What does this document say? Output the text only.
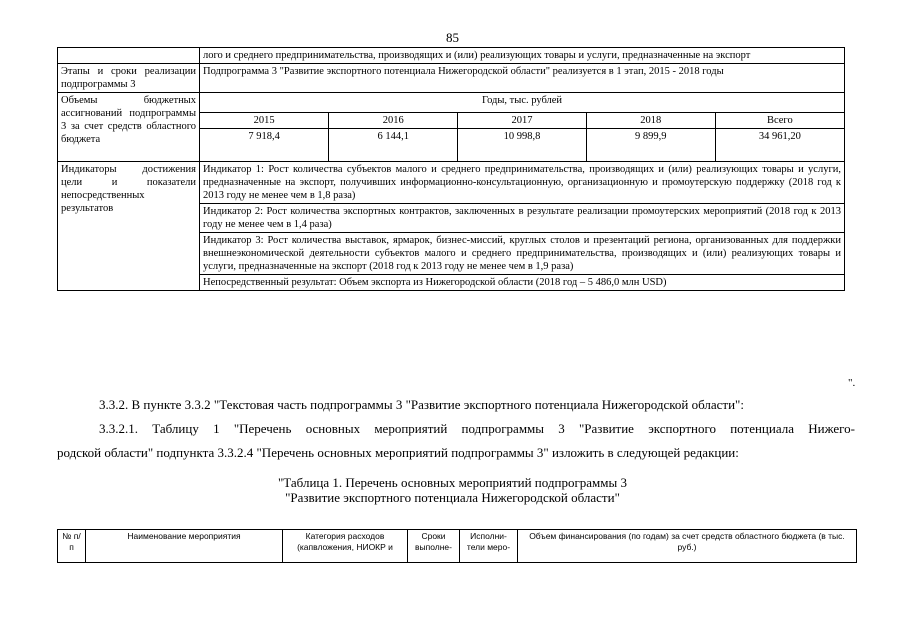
85
	лого и среднего предпринимательства, производящих и (или) реализующих товары и услуги, предназначенные на экспорт
Этапы и сроки реализации подпрограммы 3	Подпрограмма 3 "Развитие экспортного потенциала Нижегородской области" реализуется в 1 этап, 2015 - 2018 годы
Объемы бюджетных ассигнований подпрограммы 3 за счет средств областного бюджета	
Годы, тыс. рублей
2015	2016	2017	2018	Всего
7 918,4	6 144,1	10 998,8	9 899,9	34 961,20

Индикаторы достижения цели и показатели непосредственных результатов	Индикатор 1: Рост количества субъектов малого и среднего предпринимательства, производящих и (или) реализующих товары и услуги, предназначенные на экспорт, получивших информационно-консультационную, организационную и промоутерскую поддержку (2018 год к 2013 году не менее чем в 1,8 раза)
Индикатор 2: Рост количества экспортных контрактов, заключенных в результате реализации промоутерских мероприятий (2018 год к 2013 году не менее чем в 1,4 раза)
Индикатор 3: Рост количества выставок, ярмарок, бизнес-миссий, круглых столов и презентаций региона, организованных для поддержки внешнеэкономической деятельности субъектов малого и среднего предпринимательства, производящих и (или) реализующих товары и услуги, предназначенные на экспорт (2018 год к 2013 году не менее чем в 1,9 раза)
Непосредственный результат: Объем экспорта из Нижегородской области (2018 год – 5 486,0 млн USD)
".
3.3.2. В пункте 3.3.2 "Текстовая часть подпрограммы 3 "Развитие экспортного потенциала Нижегородской области":
3.3.2.1. Таблицу 1 "Перечень основных мероприятий подпрограммы 3 "Развитие экспортного потенциала Нижего-
родской области" подпункта 3.3.2.4 "Перечень основных мероприятий подпрограммы 3" изложить в следующей редакции:
"Таблица 1. Перечень основных мероприятий подпрограммы 3
"Развитие экспортного потенциала Нижегородской области"
№ п/п	Наименование мероприятия	Категория расходов (капвложения, НИОКР и	Сроки выполне-	Исполни- тели меро-	Объем финансирования (по годам) за счет средств областного бюджета (в тыс. руб.)
